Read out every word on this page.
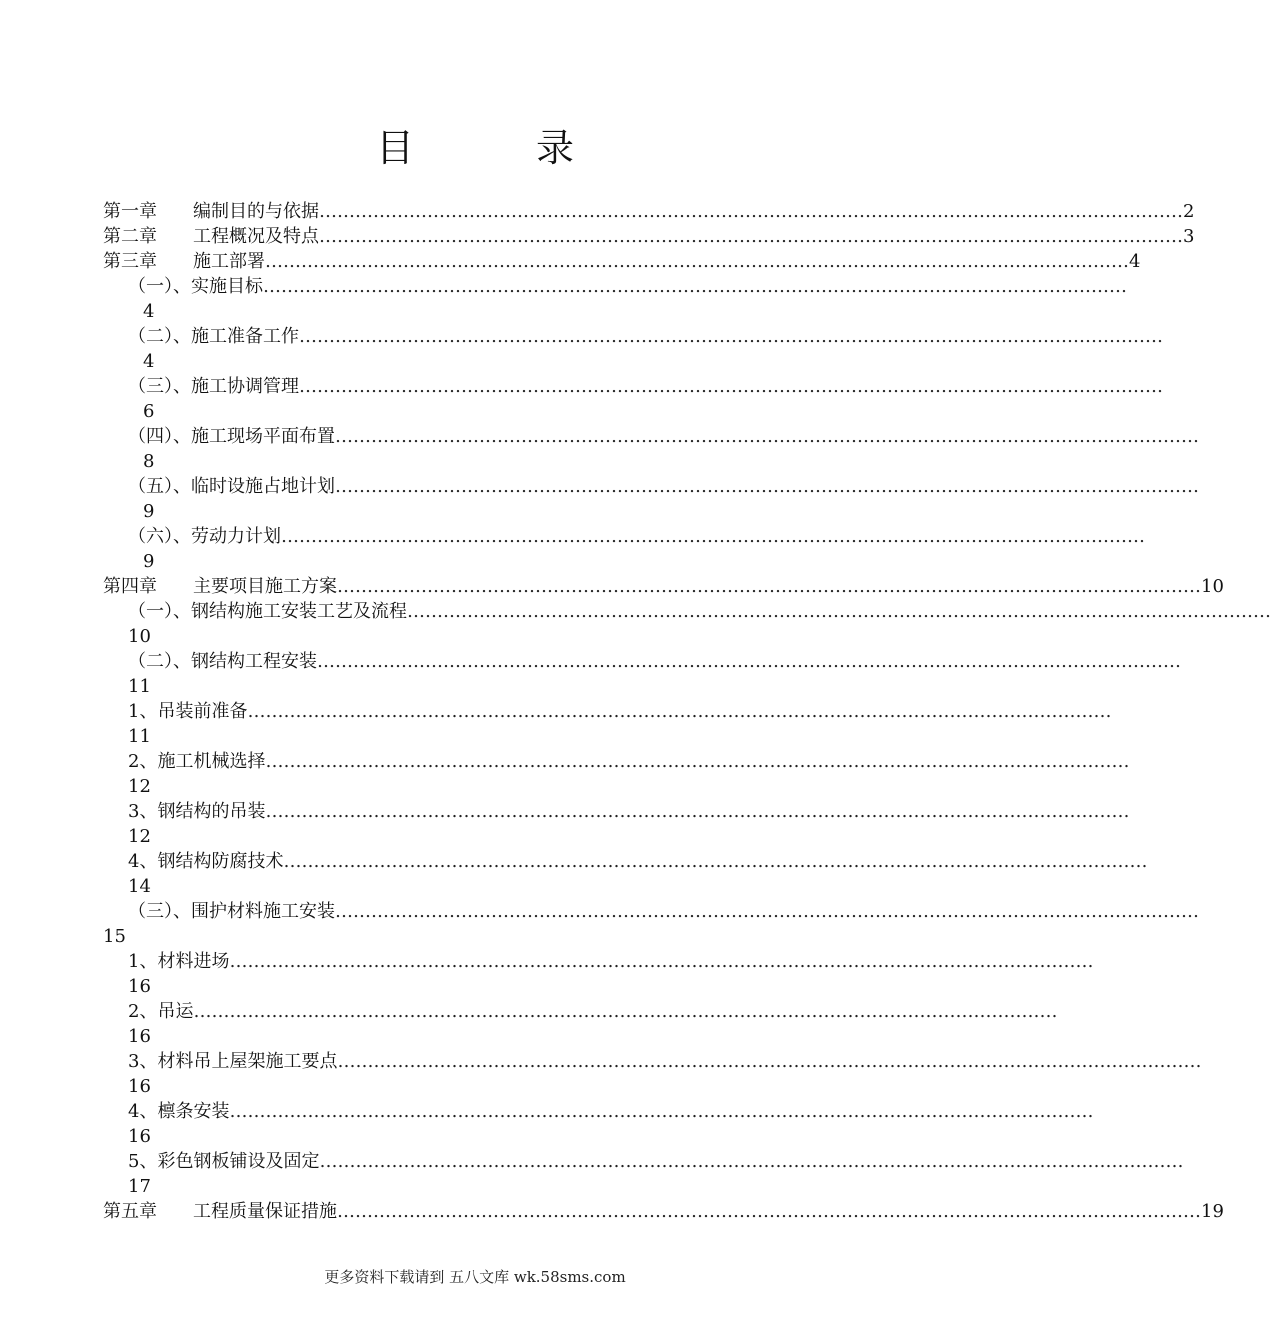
目　录
第一章　　编制目的与依据 ……………………………………………………………………………………………………………………………… 2
第二章　　工程概况及特点 ……………………………………………………………………………………………………………………………… 3
第三章　　施工部署 ……………………………………………………………………………………………………………………………… 4
（一）、实施目标 ………………………………………………………………………………………………………………………………
4
（二）、施工准备工作 ………………………………………………………………………………………………………………………………
4
（三）、施工协调管理 ………………………………………………………………………………………………………………………………
6
（四）、施工现场平面布置 ………………………………………………………………………………………………………………………………
8
（五）、临时设施占地计划 ………………………………………………………………………………………………………………………………
9
（六）、劳动力计划 ………………………………………………………………………………………………………………………………
9
第四章　　主要项目施工方案 ……………………………………………………………………………………………………………………………… 10
（一）、钢结构施工安装工艺及流程 ………………………………………………………………………………………………………………………………
10
（二）、钢结构工程安装 ………………………………………………………………………………………………………………………………
11
1、吊装前准备 ………………………………………………………………………………………………………………………………
11
2、施工机械选择 ………………………………………………………………………………………………………………………………
12
3、钢结构的吊装 ………………………………………………………………………………………………………………………………
12
4、钢结构防腐技术 ………………………………………………………………………………………………………………………………
14
（三）、围护材料施工安装 ………………………………………………………………………………………………………………………………
15
1、材料进场 ………………………………………………………………………………………………………………………………
16
2、吊运 ………………………………………………………………………………………………………………………………
16
3、材料吊上屋架施工要点 ………………………………………………………………………………………………………………………………
16
4、檩条安装 ………………………………………………………………………………………………………………………………
16
5、彩色钢板铺设及固定 ………………………………………………………………………………………………………………………………
17
第五章　　工程质量保证措施 ……………………………………………………………………………………………………………………………… 19
更多资料下载请到 五八文库 wk.58sms.com
